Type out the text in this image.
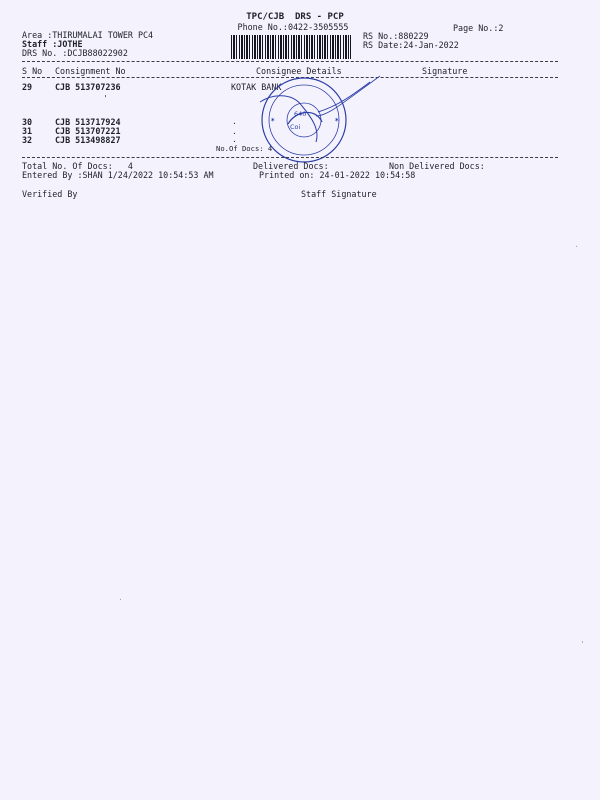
TPC/CJB  DRS - PCP
Phone No.:0422-3505555	Page No.:2
Area :THIRUMALAI TOWER PC4
Staff :JOTHE
DRS No. :DCJB88022902
RS No.:880229
RS Date:24-Jan-2022
S No Consignment No	Consignee Details	Signature
29	CJB 513707236	KOTAK BANK
'
30	CJB 513717924	.
31	CJB 513707221	.
32	CJB 513498827	.
No.Of Docs: 4
640
Coi
✶
✶
Total No. Of Docs:   4	Delivered Docs:	Non Delivered Docs:
Entered By :SHAN 1/24/2022 10:54:53 AM	Printed on: 24-01-2022 10:54:58
Verified By	Staff Signature
.
'
.
